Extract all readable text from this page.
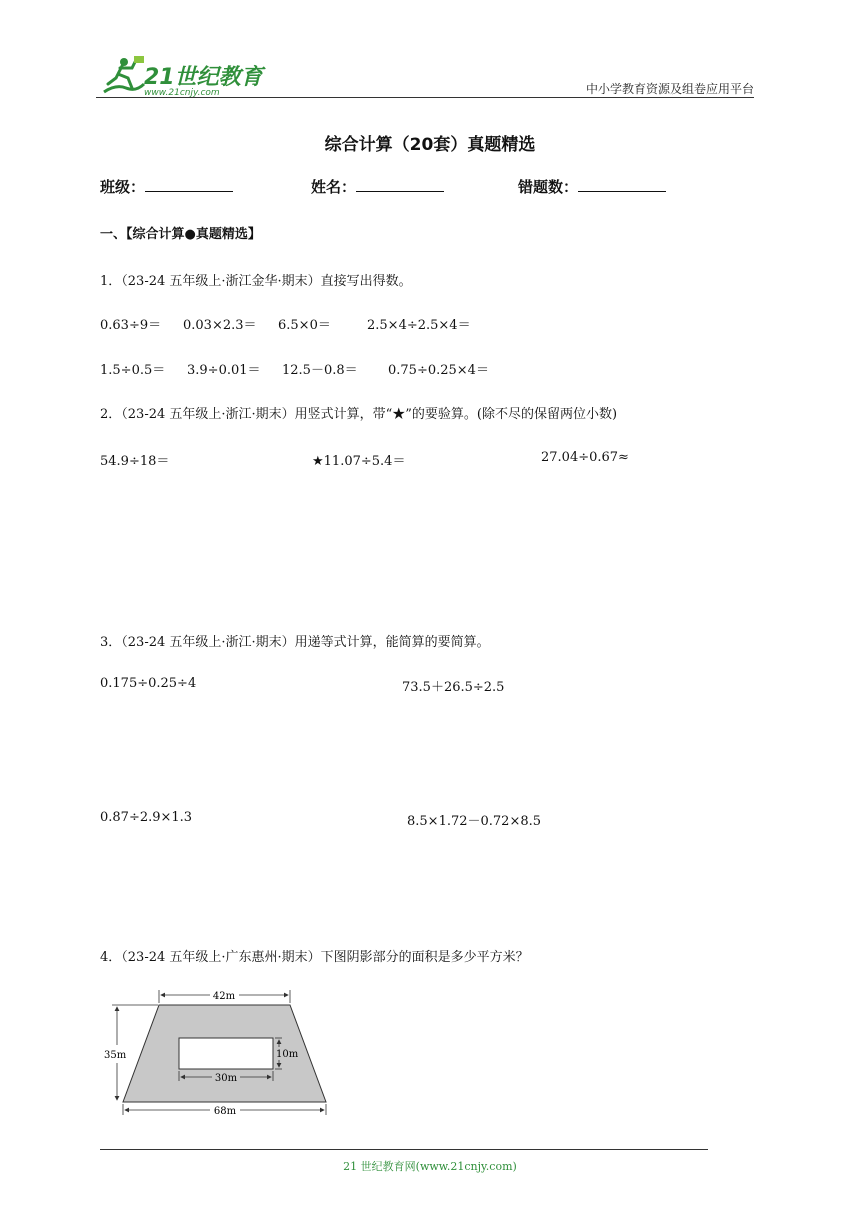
21世纪教育
www.21cnjy.com	中小学教育资源及组卷应用平台
综合计算（20套）真题精选
班级：	姓名：	错题数：
一、【综合计算●真题精选】
1．（23-24 五年级上·浙江金华·期末）直接写出得数。
0.63÷9＝ 0.03×2.3＝ 6.5×0＝	2.5×4÷2.5×4＝
1.5÷0.5＝ 3.9÷0.01＝ 12.5－0.8＝ 0.75÷0.25×4＝
2．（23-24 五年级上·浙江·期末）用竖式计算，带“★”的要验算。(除不尽的保留两位小数)
54.9÷18＝	★11.07÷5.4＝	27.04÷0.67≈
3．（23-24 五年级上·浙江·期末）用递等式计算，能简算的要简算。
0.175÷0.25÷4	73.5＋26.5÷2.5
0.87÷2.9×1.3	8.5×1.72－0.72×8.5
4．（23-24 五年级上·广东惠州·期末）下图阴影部分的面积是多少平方米？
42m
68m
35m
30m
10m
21 世纪教育网(www.21cnjy.com)
